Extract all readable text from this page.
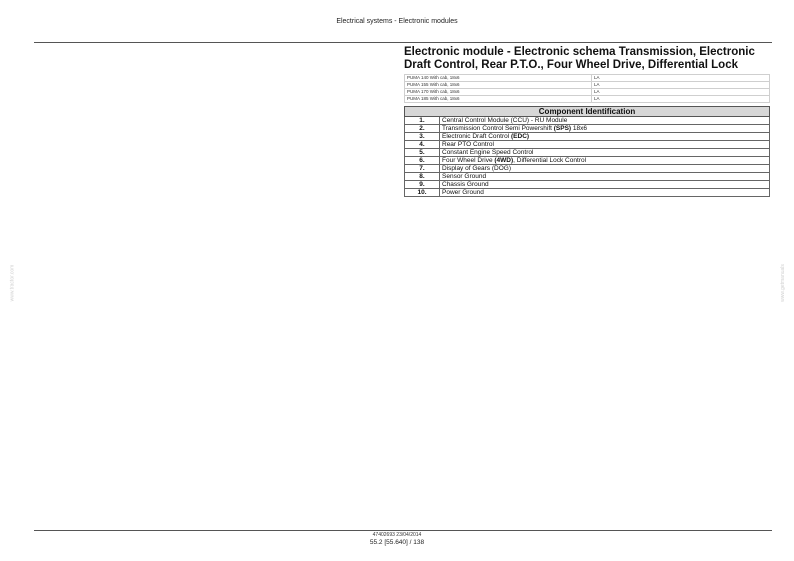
Electrical systems - Electronic modules
www.tractor.com	www.getmanuals
Electronic module - Electronic schema Transmission, Electronic Draft Control, Rear P.T.O., Four Wheel Drive, Differential Lock
PUMA 140 With cab, 18x6	LA
PUMA 155 With cab, 18x6	LA
PUMA 170 With cab, 18x6	LA
PUMA 185 With cab, 18x6	LA
Component Identification	
1.	Central Control Module (CCU) - RU Module
2.	Transmission Control Semi Powershift (SPS) 18x6
3.	Electronic Draft Control (EDC)
4.	Rear PTO Control
5.	Constant Engine Speed Control
6.	Four Wheel Drive (4WD), Differential Lock Control
7.	Display of Gears (DOG)
8.	Sensor Ground
9.	Chassis Ground
10.	Power Ground
47402693 23/04/2014
55.2 [55.640] / 138
